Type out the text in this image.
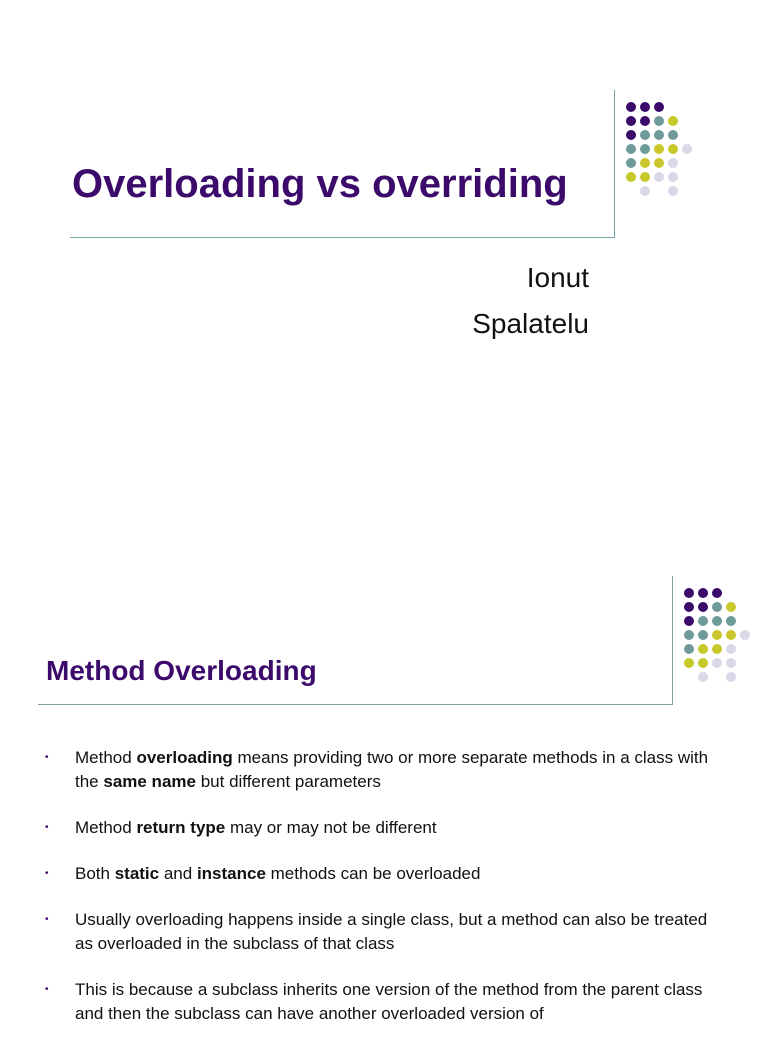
Overloading vs overriding
Ionut
Spalatelu
Method Overloading
• Method overloading means providing two or more separate methods in a class with the same name but different parameters
• Method return type may or may not be different
• Both static and instance methods can be overloaded
• Usually overloading happens inside a single class, but a method can also be treated as overloaded in the subclass of that class
• This is because a subclass inherits one version of the method from the parent class and then the subclass can have another overloaded version of
